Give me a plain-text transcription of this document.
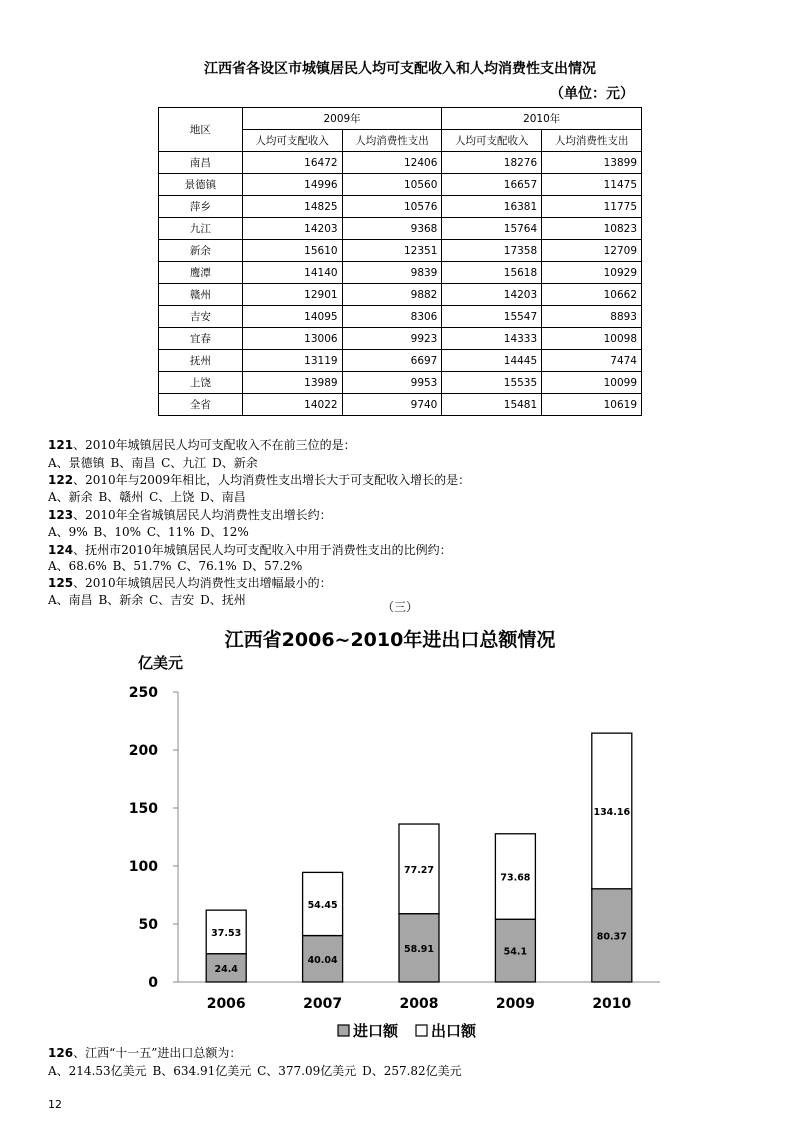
江西省各设区市城镇居民人均可支配收入和人均消费性支出情况
（单位：元）
地区	2009年		2010年	
	人均可支配收入	人均消费性支出	人均可支配收入	人均消费性支出
南昌	16472	12406	18276	13899
景德镇	14996	10560	16657	11475
萍乡	14825	10576	16381	11775
九江	14203	9368	15764	10823
新余	15610	12351	17358	12709
鹰潭	14140	9839	15618	10929
赣州	12901	9882	14203	10662
吉安	14095	8306	15547	8893
宜春	13006	9923	14333	10098
抚州	13119	6697	14445	7474
上饶	13989	9953	15535	10099
全省	14022	9740	15481	10619
121、2010年城镇居民人均可支配收入不在前三位的是：
A、景德镇 B、南昌 C、九江 D、新余
122、2010年与2009年相比，人均消费性支出增长大于可支配收入增长的是：
A、新余 B、赣州 C、上饶 D、南昌
123、2010年全省城镇居民人均消费性支出增长约：
A、9% B、10% C、11% D、12%
124、抚州市2010年城镇居民人均可支配收入中用于消费性支出的比例约：
A、68.6% B、51.7% C、76.1% D、57.2%
125、2010年城镇居民人均消费性支出增幅最小的：
A、南昌 B、新余 C、吉安 D、抚州	（三）
江西省2006~2010年进出口总额情况
亿美元
0
50
100
150
200
250
24.4
37.53
2006
40.04
54.45
2007
58.91
77.27
2008
54.1
73.68
2009
80.37
134.16
2010
进口额 出口额
126、江西“十一五”进出口总额为：
A、214.53亿美元 B、634.91亿美元 C、377.09亿美元 D、257.82亿美元
12
